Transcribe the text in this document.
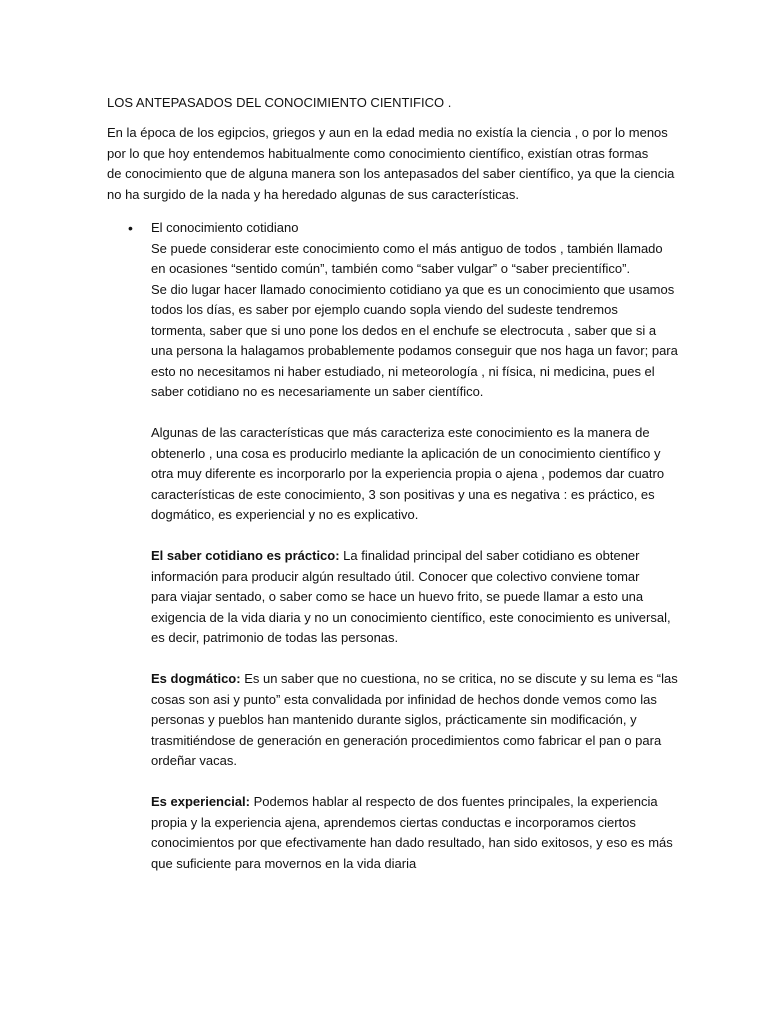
LOS ANTEPASADOS DEL CONOCIMIENTO CIENTIFICO .
En la época de los egipcios, griegos y aun en la edad media no existía la ciencia , o por lo menos
por lo que hoy entendemos habitualmente como conocimiento científico, existían otras formas
de conocimiento que de alguna manera son los antepasados del saber científico, ya que la ciencia
no ha surgido de la nada y ha heredado algunas de sus características.
• El conocimiento cotidiano
Se puede considerar este conocimiento como el más antiguo de todos , también llamado
en ocasiones “sentido común”, también como “saber vulgar” o “saber precientífico”.
Se dio lugar hacer llamado conocimiento cotidiano ya que es un conocimiento que usamos
todos los días, es saber por ejemplo cuando sopla viendo del sudeste tendremos
tormenta, saber que si uno pone los dedos en el enchufe se electrocuta , saber que si a
una persona la halagamos probablemente podamos conseguir que nos haga un favor; para
esto no necesitamos ni haber estudiado, ni meteorología , ni física, ni medicina, pues el
saber cotidiano no es necesariamente un saber científico.
Algunas de las características que más caracteriza este conocimiento es la manera de
obtenerlo , una cosa es producirlo mediante la aplicación de un conocimiento científico y
otra muy diferente es incorporarlo por la experiencia propia o ajena , podemos dar cuatro
características de este conocimiento, 3 son positivas y una es negativa : es práctico, es
dogmático, es experiencial y no es explicativo.
El saber cotidiano es práctico: La finalidad principal del saber cotidiano es obtener
información para producir algún resultado útil. Conocer que colectivo conviene tomar
para viajar sentado, o saber como se hace un huevo frito, se puede llamar a esto una
exigencia de la vida diaria y no un conocimiento científico, este conocimiento es universal,
es decir, patrimonio de todas las personas.
Es dogmático: Es un saber que no cuestiona, no se critica, no se discute y su lema es “las
cosas son asi y punto” esta convalidada por infinidad de hechos donde vemos como las
personas y pueblos han mantenido durante siglos, prácticamente sin modificación, y
trasmitiéndose de generación en generación procedimientos como fabricar el pan o para
ordeñar vacas.
Es experiencial: Podemos hablar al respecto de dos fuentes principales, la experiencia
propia y la experiencia ajena, aprendemos ciertas conductas e incorporamos ciertos
conocimientos por que efectivamente han dado resultado, han sido exitosos, y eso es más
que suficiente para movernos en la vida diaria
